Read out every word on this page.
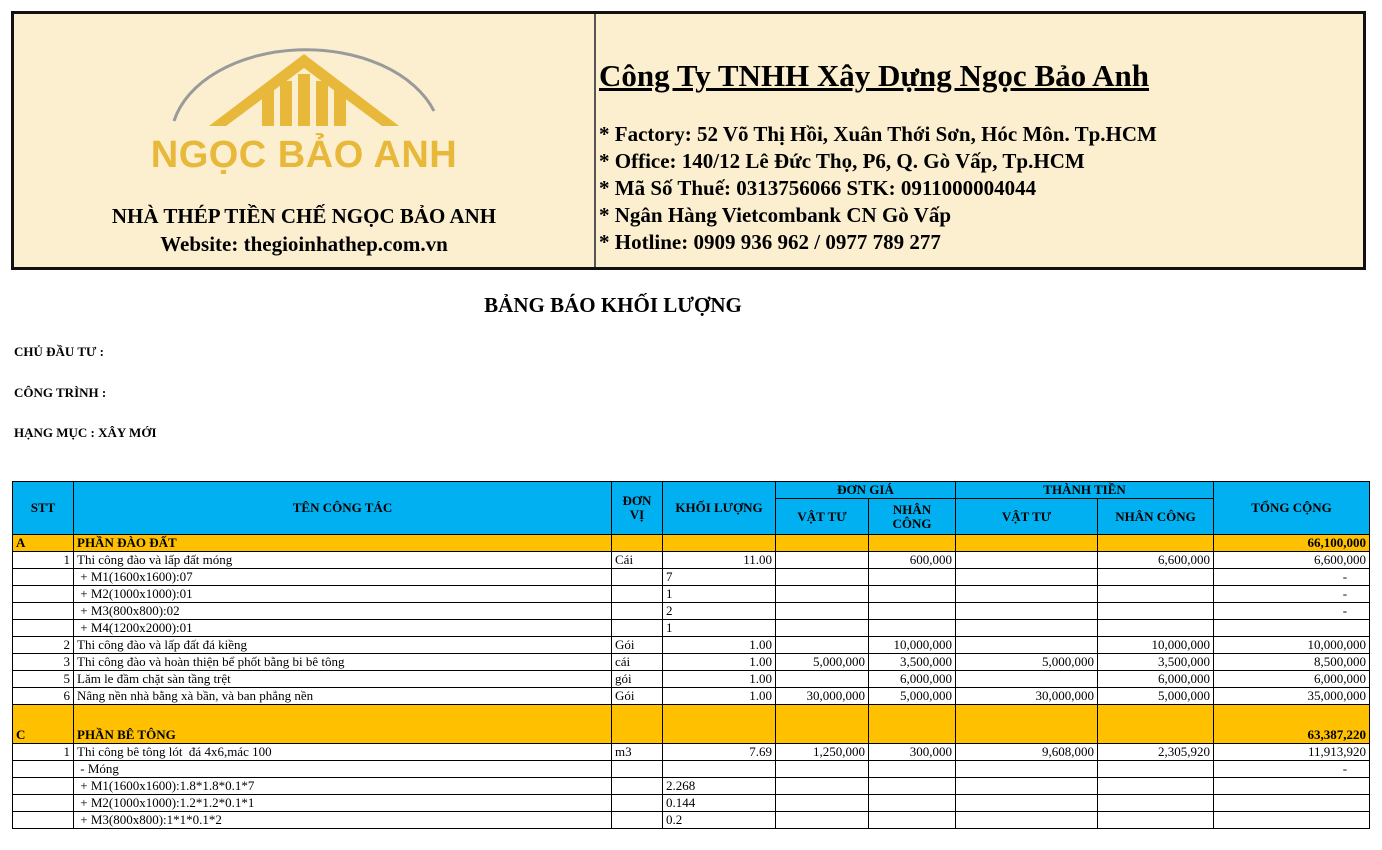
NGỌC BẢO ANH
NHÀ THÉP TIỀN CHẾ NGỌC BẢO ANH
Website: thegioinhathep.com.vn
Công Ty TNHH Xây Dựng Ngọc Bảo Anh
* Factory: 52 Võ Thị Hồi, Xuân Thới Sơn, Hóc Môn. Tp.HCM
* Office: 140/12 Lê Đức Thọ, P6, Q. Gò Vấp, Tp.HCM
* Mã Số Thuế: 0313756066 STK: 0911000004044
* Ngân Hàng Vietcombank CN Gò Vấp
* Hotline: 0909 936 962 / 0977 789 277
BẢNG BÁO KHỐI LƯỢNG
CHỦ ĐẦU TƯ :
CÔNG TRÌNH :
HẠNG MỤC : XÂY MỚI
STT	TÊN CÔNG TÁC	ĐƠN VỊ	KHỐI LƯỢNG	ĐƠN GIÁ		THÀNH TIỀN		TỔNG CỘNG
				VẬT TƯ	NHÂN CÔNG	VẬT TƯ	NHÂN CÔNG	
A	PHẦN ĐÀO ĐẤT							66,100,000
1	Thi công đào và lấp đất móng	Cái	11.00		600,000		6,600,000	6,600,000
	+ M1(1600x1600):07		7					-
	+ M2(1000x1000):01		1					-
	+ M3(800x800):02		2					-
	+ M4(1200x2000):01		1					
2	Thi công đào và lấp đất đá kiềng	Gói	1.00		10,000,000		10,000,000	10,000,000
3	Thi công đào và hoàn thiện bể phốt bằng bi bê tông	cái	1.00	5,000,000	3,500,000	5,000,000	3,500,000	8,500,000
5	Lăm le đầm chặt sàn tầng trệt	gói	1.00		6,000,000		6,000,000	6,000,000
6	Nâng nền nhà bằng xà bần, và ban phẳng nền	Gói	1.00	30,000,000	5,000,000	30,000,000	5,000,000	35,000,000
C	PHẦN BÊ TÔNG							63,387,220
1	Thi công bê tông lót  đá 4x6,mác 100	m3	7.69	1,250,000	300,000	9,608,000	2,305,920	11,913,920
	- Móng							-
	+ M1(1600x1600):1.8*1.8*0.1*7		2.268					
	+ M2(1000x1000):1.2*1.2*0.1*1		0.144					
	+ M3(800x800):1*1*0.1*2		0.2					
